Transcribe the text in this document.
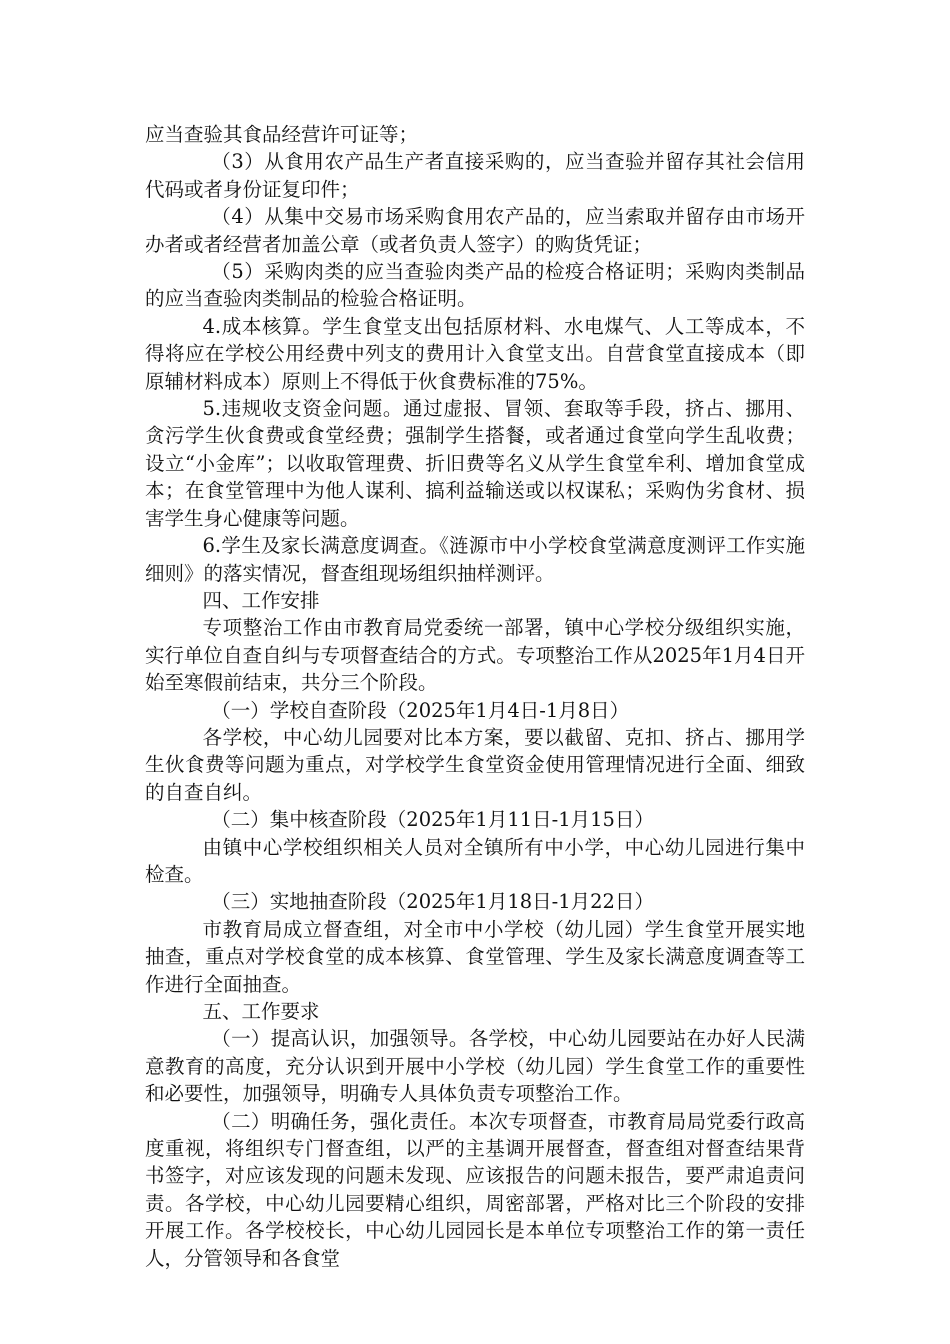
应当查验其食品经营许可证等；

（3）从食用农产品生产者直接采购的，应当查验并留存其社会信用代码或者身份证复印件；

（4）从集中交易市场采购食用农产品的，应当索取并留存由市场开办者或者经营者加盖公章（或者负责人签字）的购货凭证；

（5）采购肉类的应当查验肉类产品的检疫合格证明；采购肉类制品的应当查验肉类制品的检验合格证明。

4.成本核算。学生食堂支出包括原材料、水电煤气、人工等成本，不得将应在学校公用经费中列支的费用计入食堂支出。自营食堂直接成本（即原辅材料成本）原则上不得低于伙食费标准的75%。

5.违规收支资金问题。通过虚报、冒领、套取等手段，挤占、挪用、贪污学生伙食费或食堂经费；强制学生搭餐，或者通过食堂向学生乱收费；设立“小金库”；以收取管理费、折旧费等名义从学生食堂牟利、增加食堂成本；在食堂管理中为他人谋利、搞利益输送或以权谋私；采购伪劣食材、损害学生身心健康等问题。

6.学生及家长满意度调查。《涟源市中小学校食堂满意度测评工作实施细则》的落实情况，督查组现场组织抽样测评。

四、工作安排

专项整治工作由市教育局党委统一部署，镇中心学校分级组织实施，实行单位自查自纠与专项督查结合的方式。专项整治工作从2025年1月4日开始至寒假前结束，共分三个阶段。

（一）学校自查阶段（2025年1月4日-1月8日）

各学校，中心幼儿园要对比本方案，要以截留、克扣、挤占、挪用学生伙食费等问题为重点，对学校学生食堂资金使用管理情况进行全面、细致的自查自纠。

（二）集中核查阶段（2025年1月11日-1月15日）

由镇中心学校组织相关人员对全镇所有中小学，中心幼儿园进行集中检查。

（三）实地抽查阶段（2025年1月18日-1月22日）

市教育局成立督查组，对全市中小学校（幼儿园）学生食堂开展实地抽查，重点对学校食堂的成本核算、食堂管理、学生及家长满意度调查等工作进行全面抽查。

五、工作要求

（一）提高认识，加强领导。各学校，中心幼儿园要站在办好人民满意教育的高度，充分认识到开展中小学校（幼儿园）学生食堂工作的重要性和必要性，加强领导，明确专人具体负责专项整治工作。

（二）明确任务，强化责任。本次专项督查，市教育局局党委行政高度重视，将组织专门督查组，以严的主基调开展督查，督查组对督查结果背书签字，对应该发现的问题未发现、应该报告的问题未报告，要严肃追责问责。各学校，中心幼儿园要精心组织，周密部署，严格对比三个阶段的安排开展工作。各学校校长，中心幼儿园园长是本单位专项整治工作的第一责任人，分管领导和各食堂
